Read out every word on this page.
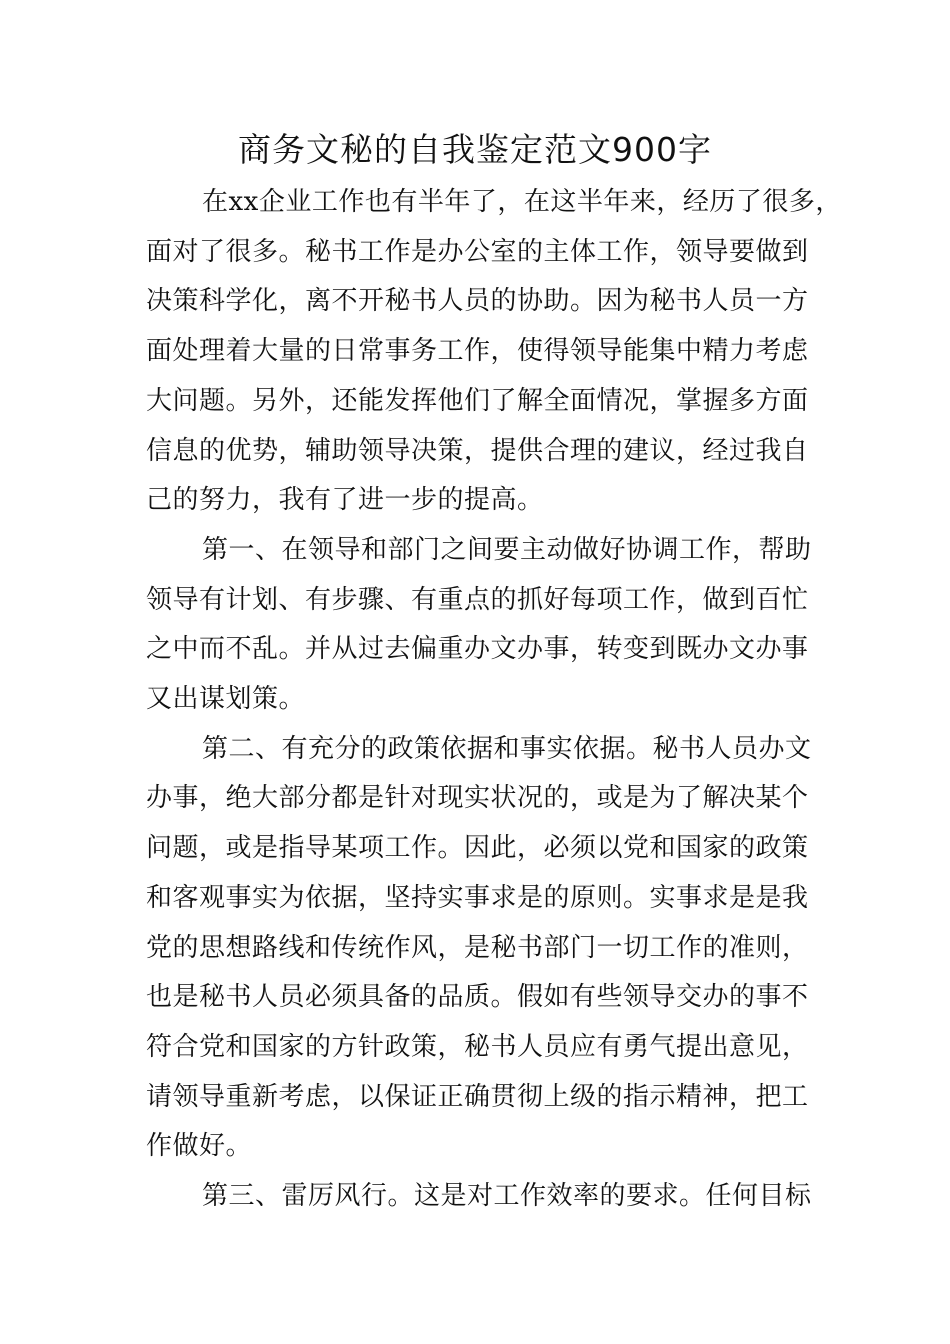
商务文秘的自我鉴定范文900字

在xx企业工作也有半年了，在这半年来，经历了很多，
面对了很多。秘书工作是办公室的主体工作，领导要做到
决策科学化，离不开秘书人员的协助。因为秘书人员一方
面处理着大量的日常事务工作，使得领导能集中精力考虑
大问题。另外，还能发挥他们了解全面情况，掌握多方面
信息的优势，辅助领导决策，提供合理的建议，经过我自
己的努力，我有了进一步的提高。

第一、在领导和部门之间要主动做好协调工作，帮助
领导有计划、有步骤、有重点的抓好每项工作，做到百忙
之中而不乱。并从过去偏重办文办事，转变到既办文办事
又出谋划策。

第二、有充分的政策依据和事实依据。秘书人员办文
办事，绝大部分都是针对现实状况的，或是为了解决某个
问题，或是指导某项工作。因此，必须以党和国家的政策
和客观事实为依据，坚持实事求是的原则。实事求是是我
党的思想路线和传统作风，是秘书部门一切工作的准则，
也是秘书人员必须具备的品质。假如有些领导交办的事不
符合党和国家的方针政策，秘书人员应有勇气提出意见，
请领导重新考虑，以保证正确贯彻上级的指示精神，把工
作做好。

第三、雷厉风行。这是对工作效率的要求。任何目标
